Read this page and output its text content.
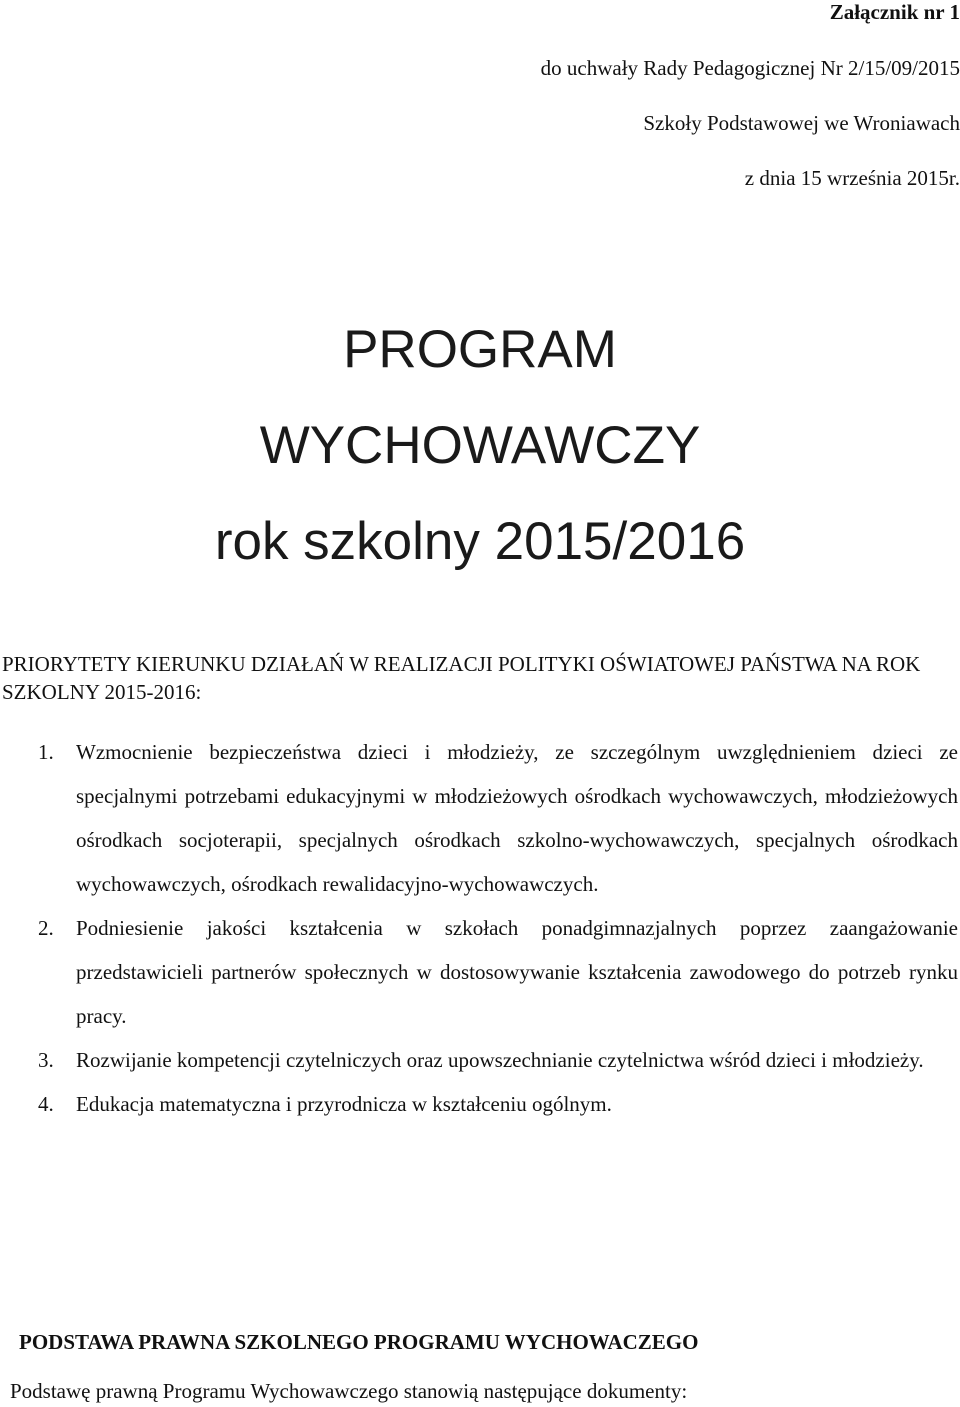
Załącznik nr 1
do uchwały Rady Pedagogicznej Nr 2/15/09/2015
Szkoły Podstawowej we Wroniawach
z dnia 15 września 2015r.
PROGRAM
WYCHOWAWCZY
rok szkolny 2015/2016
PRIORYTETY KIERUNKU DZIAŁAŃ W REALIZACJI POLITYKI OŚWIATOWEJ PAŃSTWA NA ROK SZKOLNY 2015-2016:
1. Wzmocnienie bezpieczeństwa dzieci i młodzieży, ze szczególnym uwzględnieniem dzieci ze specjalnymi potrzebami edukacyjnymi w młodzieżowych ośrodkach wychowawczych, młodzieżowych ośrodkach socjoterapii, specjalnych ośrodkach szkolno-wychowawczych, specjalnych ośrodkach wychowawczych, ośrodkach rewalidacyjno-wychowawczych.
2. Podniesienie jakości kształcenia w szkołach ponadgimnazjalnych poprzez zaangażowanie przedstawicieli partnerów społecznych w dostosowywanie kształcenia zawodowego do potrzeb rynku pracy.
3. Rozwijanie kompetencji czytelniczych oraz upowszechnianie czytelnictwa wśród dzieci i młodzieży.
4. Edukacja matematyczna i przyrodnicza w kształceniu ogólnym.
PODSTAWA PRAWNA SZKOLNEGO PROGRAMU WYCHOWACZEGO
Podstawę prawną Programu Wychowawczego stanowią następujące dokumenty:
